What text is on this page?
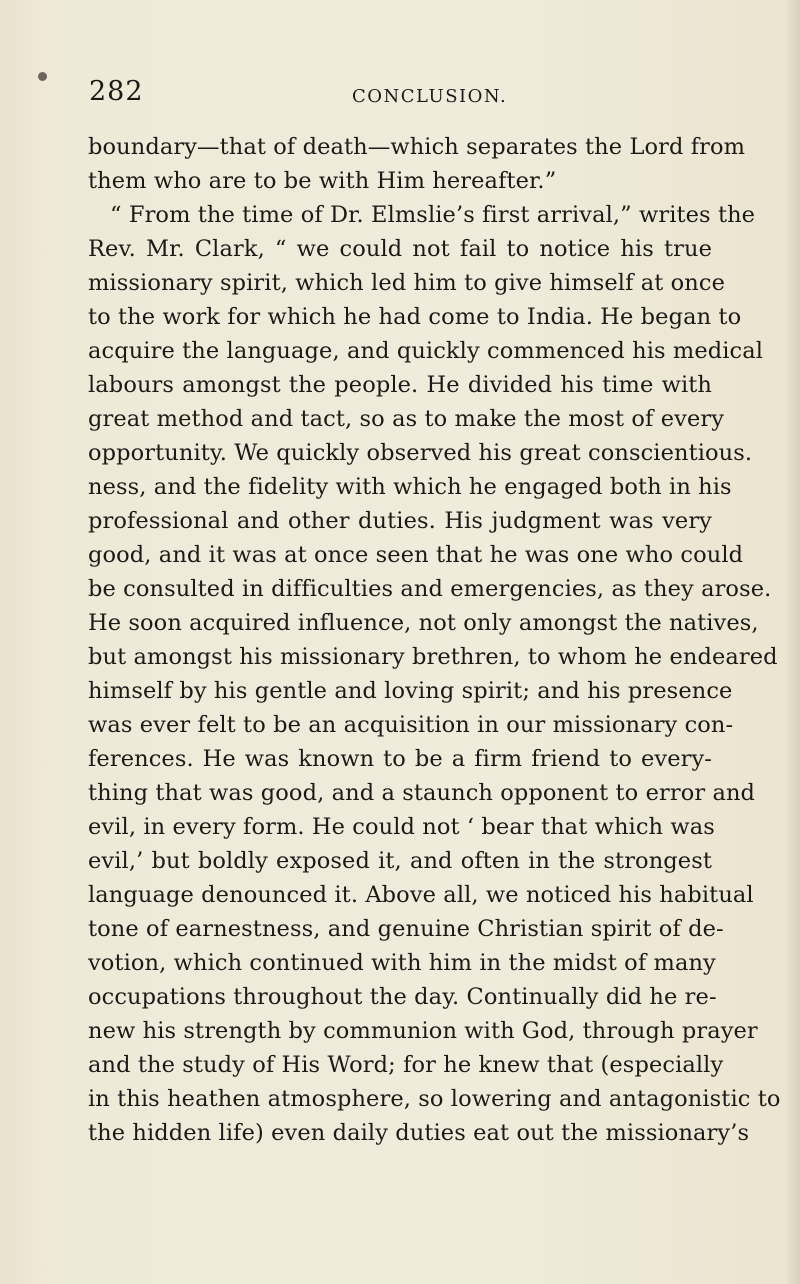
282	CONCLUSION.
boundary—that of death—which separates the Lord from
them who are to be with Him hereafter.”
“ From the time of Dr. Elmslie’s first arrival,” writes the
Rev. Mr. Clark, “ we could not fail to notice his true
missionary spirit, which led him to give himself at once
to the work for which he had come to India. He began to
acquire the language, and quickly commenced his medical
labours amongst the people. He divided his time with
great method and tact, so as to make the most of every
opportunity. We quickly observed his great conscientious.
ness, and the fidelity with which he engaged both in his
professional and other duties. His judgment was very
good, and it was at once seen that he was one who could
be consulted in difficulties and emergencies, as they arose.
He soon acquired influence, not only amongst the natives,
but amongst his missionary brethren, to whom he endeared
himself by his gentle and loving spirit; and his presence
was ever felt to be an acquisition in our missionary con-
ferences. He was known to be a firm friend to every-
thing that was good, and a staunch opponent to error and
evil, in every form. He could not ‘ bear that which was
evil,’ but boldly exposed it, and often in the strongest
language denounced it. Above all, we noticed his habitual
tone of earnestness, and genuine Christian spirit of de-
votion, which continued with him in the midst of many
occupations throughout the day. Continually did he re-
new his strength by communion with God, through prayer
and the study of His Word; for he knew that (especially
in this heathen atmosphere, so lowering and antagonistic to
the hidden life) even daily duties eat out the missionary’s
